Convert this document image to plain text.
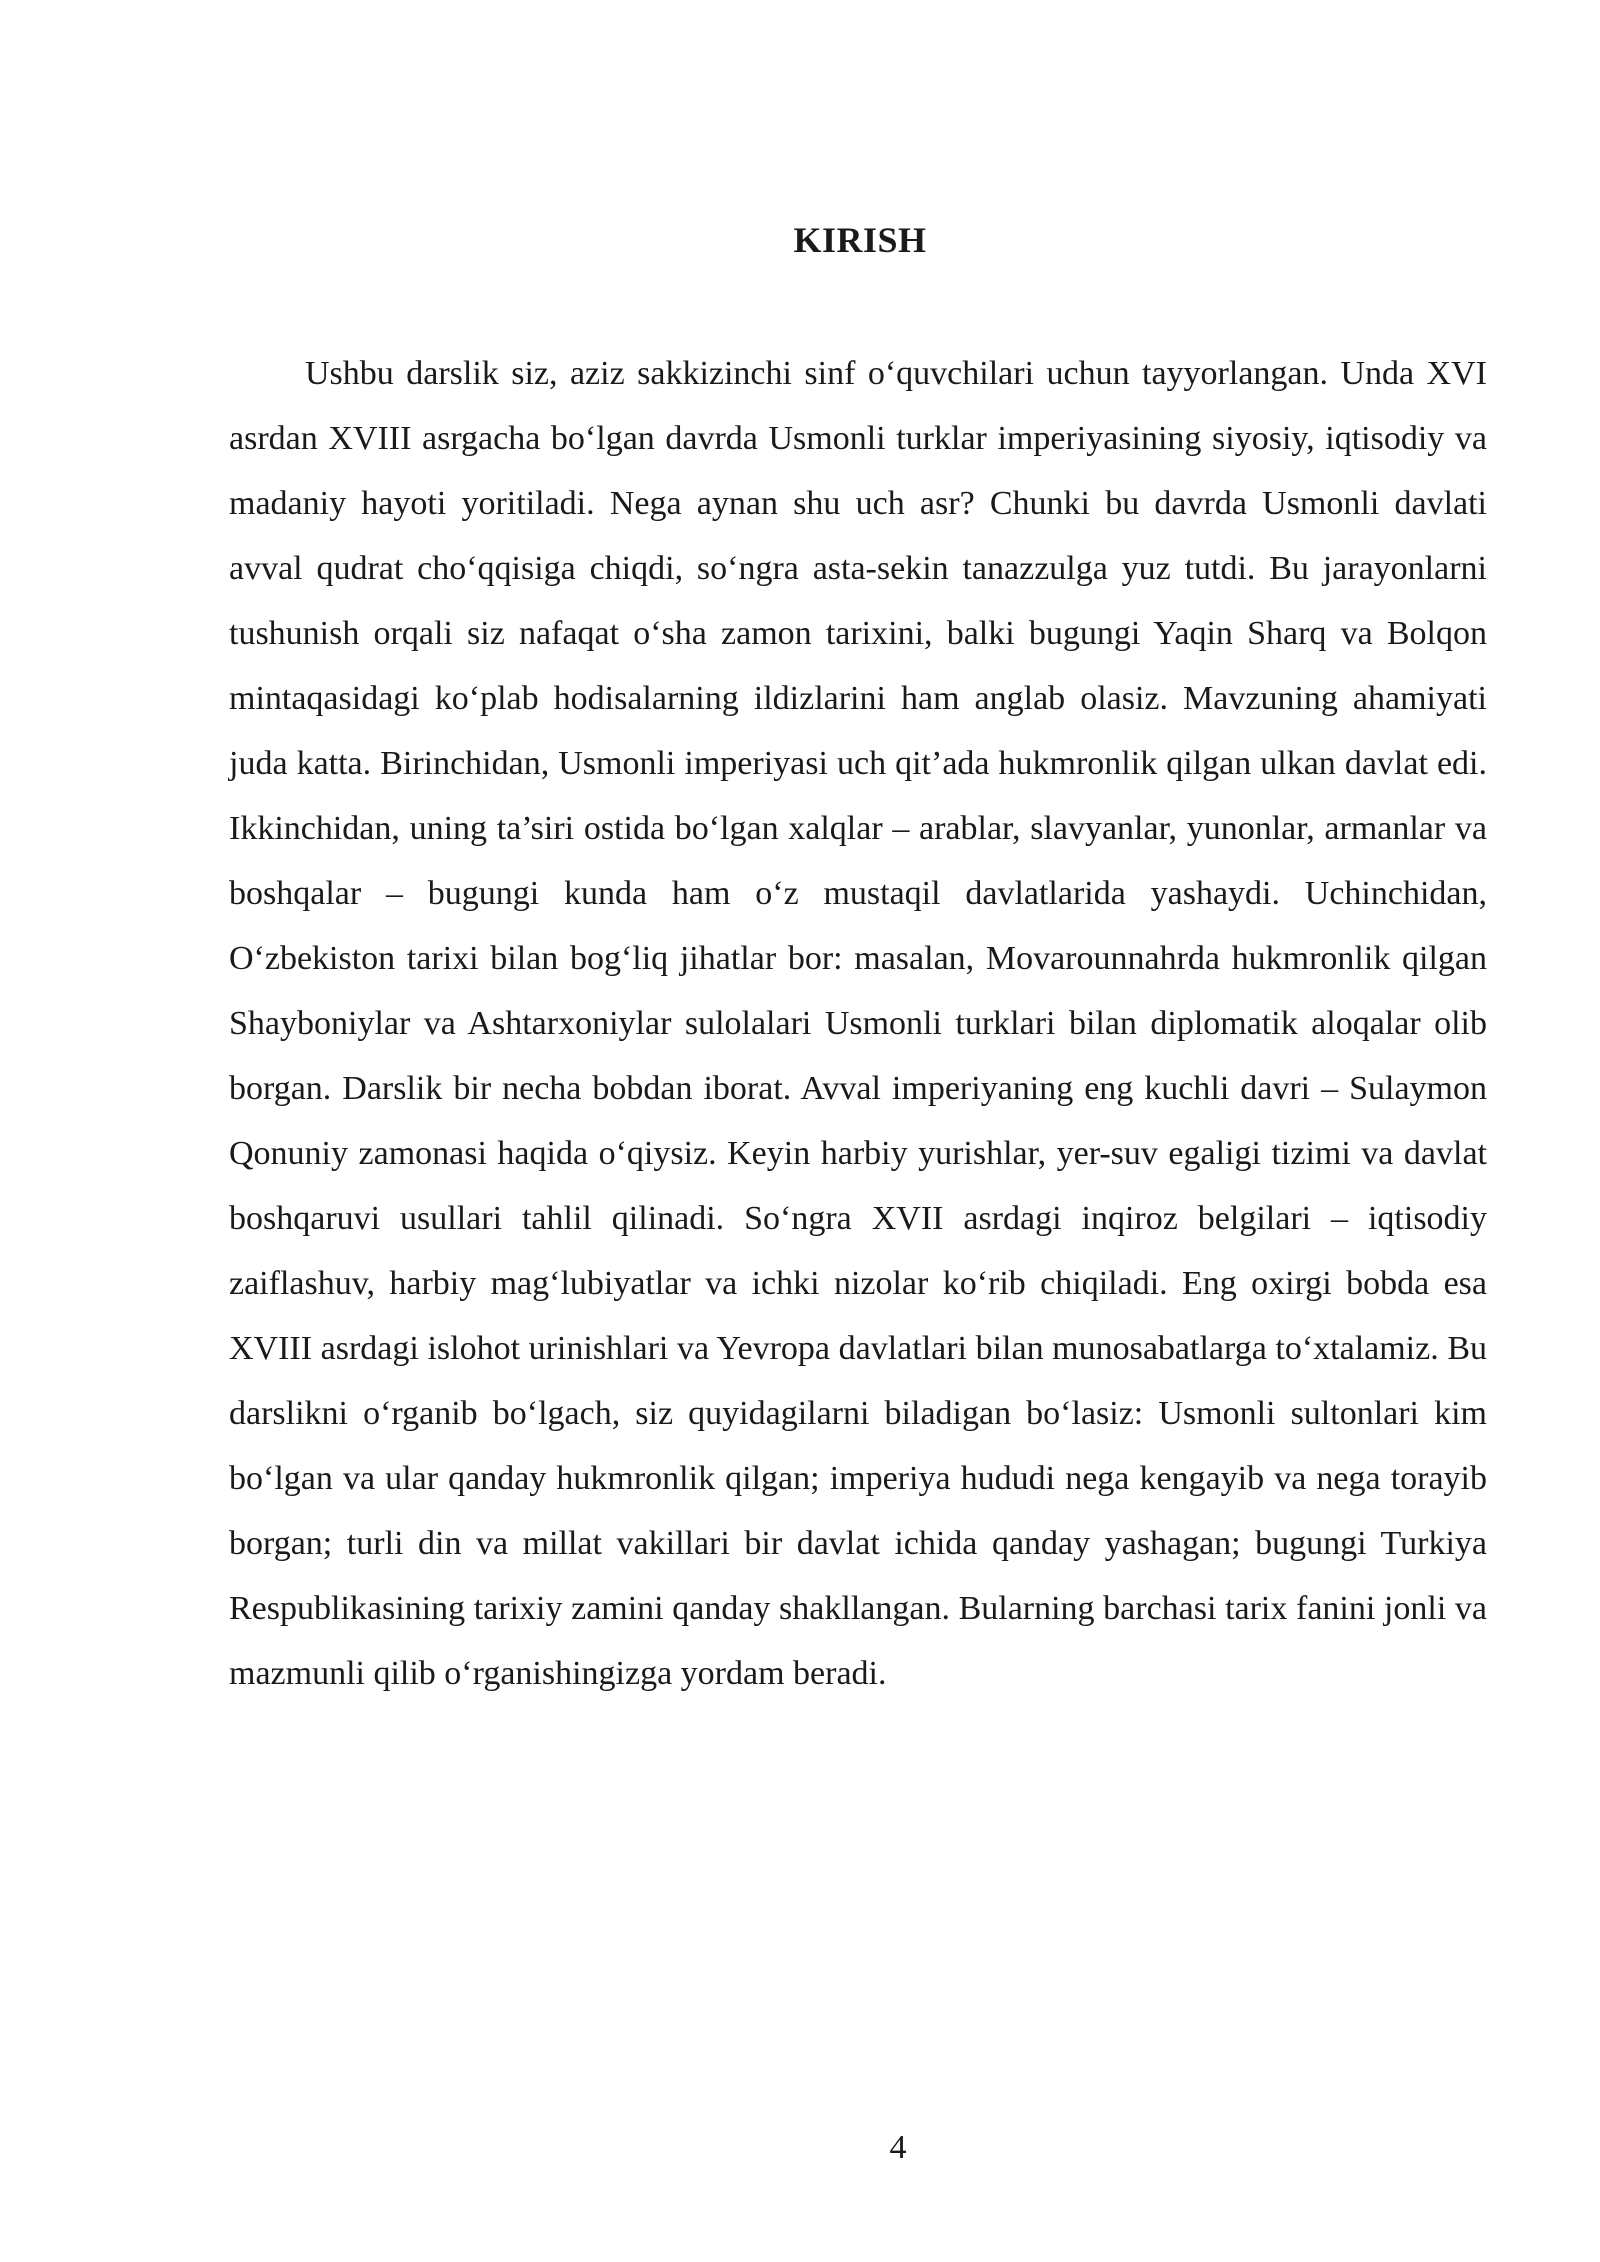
KIRISH

Ushbu darslik siz, aziz sakkizinchi sinf o‘quvchilari uchun tayyorlangan. Unda XVI asrdan XVIII asrgacha bo‘lgan davrda Usmonli turklar imperiyasining siyosiy, iqtisodiy va madaniy hayoti yoritiladi. Nega aynan shu uch asr? Chunki bu davrda Usmonli davlati avval qudrat cho‘qqisiga chiqdi, so‘ngra asta-sekin tanazzulga yuz tutdi. Bu jarayonlarni tushunish orqali siz nafaqat o‘sha zamon tarixini, balki bugungi Yaqin Sharq va Bolqon mintaqasidagi ko‘plab hodisalarning ildizlarini ham anglab olasiz. Mavzuning ahamiyati juda katta. Birinchidan, Usmonli imperiyasi uch qit’ada hukmronlik qilgan ulkan davlat edi. Ikkinchidan, uning ta’siri ostida bo‘lgan xalqlar – arablar, slavyanlar, yunonlar, armanlar va boshqalar – bugungi kunda ham o‘z mustaqil davlatlarida yashaydi. Uchinchidan, O‘zbekiston tarixi bilan bog‘liq jihatlar bor: masalan, Movarounnahrda hukmronlik qilgan Shayboniylar va Ashtarxoniylar sulolalari Usmonli turklari bilan diplomatik aloqalar olib borgan. Darslik bir necha bobdan iborat. Avval imperiyaning eng kuchli davri – Sulaymon Qonuniy zamonasi haqida o‘qiysiz. Keyin harbiy yurishlar, yer-suv egaligi tizimi va davlat boshqaruvi usullari tahlil qilinadi. So‘ngra XVII asrdagi inqiroz belgilari – iqtisodiy zaiflashuv, harbiy mag‘lubiyatlar va ichki nizolar ko‘rib chiqiladi. Eng oxirgi bobda esa XVIII asrdagi islohot urinishlari va Yevropa davlatlari bilan munosabatlarga to‘xtalamiz. Bu darslikni o‘rganib bo‘lgach, siz quyidagilarni biladigan bo‘lasiz: Usmonli sultonlari kim bo‘lgan va ular qanday hukmronlik qilgan; imperiya hududi nega kengayib va nega torayib borgan; turli din va millat vakillari bir davlat ichida qanday yashagan; bugungi Turkiya Respublikasining tarixiy zamini qanday shakllangan. Bularning barchasi tarix fanini jonli va mazmunli qilib o‘rganishingizga yordam beradi.

4
